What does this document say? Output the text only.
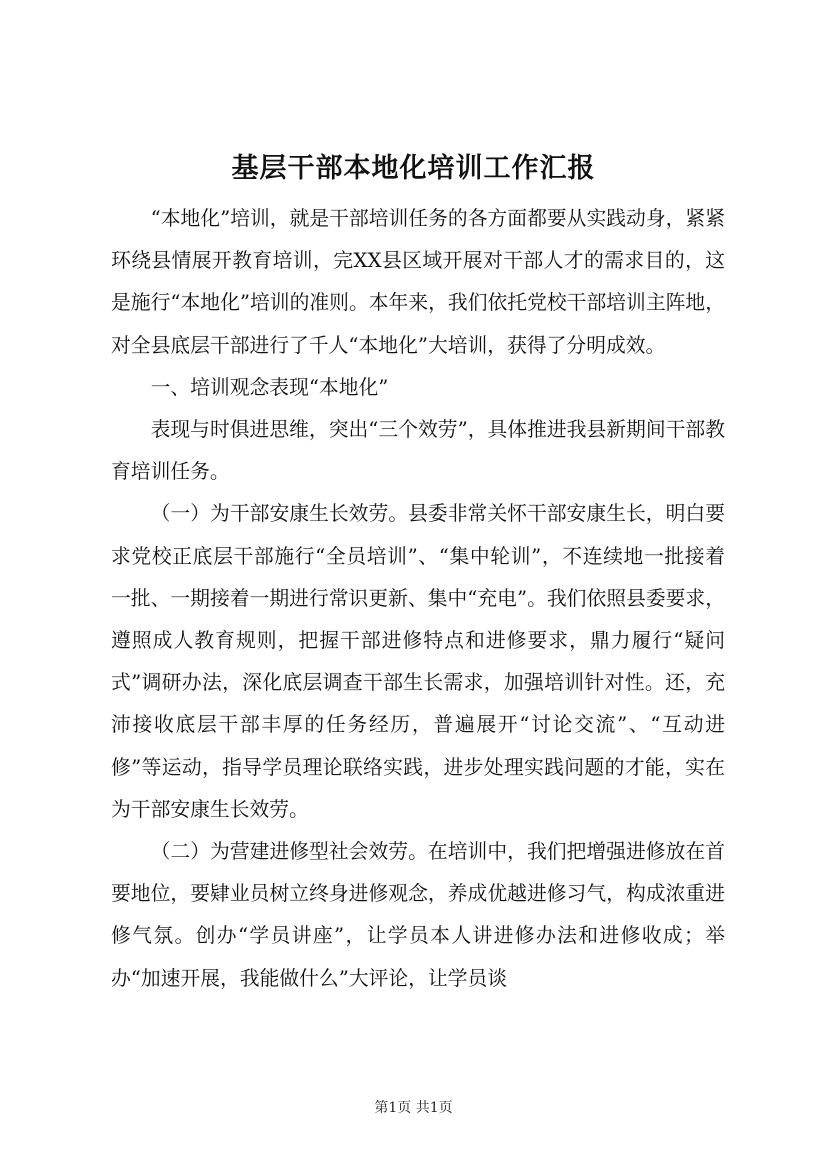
基层干部本地化培训工作汇报

“本地化”培训，就是干部培训任务的各方面都要从实践动身，紧紧环绕县情展开教育培训，完XX县区域开展对干部人才的需求目的，这是施行“本地化”培训的准则。本年来，我们依托党校干部培训主阵地，对全县底层干部进行了千人“本地化”大培训，获得了分明成效。

一、培训观念表现“本地化”

表现与时俱进思维，突出“三个效劳”，具体推进我县新期间干部教育培训任务。

（一）为干部安康生长效劳。县委非常关怀干部安康生长，明白要求党校正底层干部施行“全员培训”、“集中轮训”，不连续地一批接着一批、一期接着一期进行常识更新、集中“充电”。我们依照县委要求，遵照成人教育规则，把握干部进修特点和进修要求，鼎力履行“疑问式”调研办法，深化底层调查干部生长需求，加强培训针对性。还，充沛接收底层干部丰厚的任务经历，普遍展开“讨论交流”、“互动进修”等运动，指导学员理论联络实践，进步处理实践问题的才能，实在为干部安康生长效劳。

（二）为营建进修型社会效劳。在培训中，我们把增强进修放在首要地位，要肄业员树立终身进修观念，养成优越进修习气，构成浓重进修气氛。创办“学员讲座”，让学员本人讲进修办法和进修收成；举办“加速开展，我能做什么”大评论，让学员谈

第1页 共1页
